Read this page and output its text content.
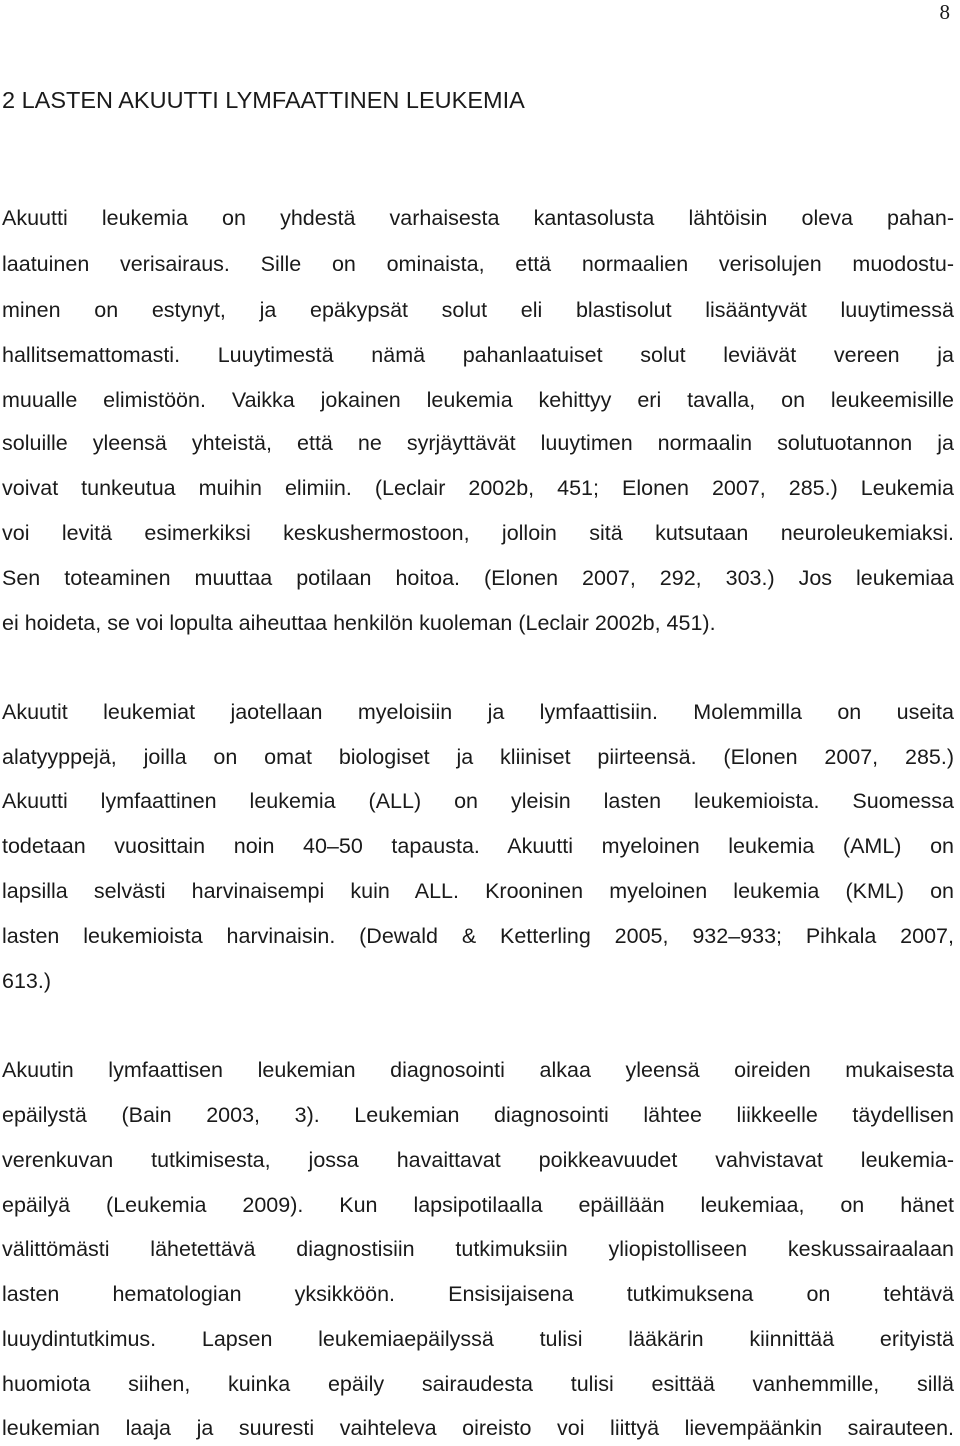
8
2 LASTEN AKUUTTI LYMFAATTINEN LEUKEMIA
Akuutti leukemia on yhdestä varhaisesta kantasolusta lähtöisin oleva pahan-
laatuinen verisairaus. Sille on ominaista, että normaalien verisolujen muodostu-
minen on estynyt, ja epäkypsät solut eli blastisolut lisääntyvät luuytimessä
hallitsemattomasti. Luuytimestä nämä pahanlaatuiset solut leviävät vereen ja
muualle elimistöön. Vaikka jokainen leukemia kehittyy eri tavalla, on leukeemisille
soluille yleensä yhteistä, että ne syrjäyttävät luuytimen normaalin solutuotannon ja
voivat tunkeutua muihin elimiin. (Leclair 2002b, 451; Elonen 2007, 285.) Leukemia
voi levitä esimerkiksi keskushermostoon, jolloin sitä kutsutaan neuroleukemiaksi.
Sen toteaminen muuttaa potilaan hoitoa. (Elonen 2007, 292, 303.) Jos leukemiaa
ei hoideta, se voi lopulta aiheuttaa henkilön kuoleman (Leclair 2002b, 451).
Akuutit leukemiat jaotellaan myeloisiin ja lymfaattisiin. Molemmilla on useita
alatyyppejä, joilla on omat biologiset ja kliiniset piirteensä. (Elonen 2007, 285.)
Akuutti lymfaattinen leukemia (ALL) on yleisin lasten leukemioista. Suomessa
todetaan vuosittain noin 40–50 tapausta. Akuutti myeloinen leukemia (AML) on
lapsilla selvästi harvinaisempi kuin ALL. Krooninen myeloinen leukemia (KML) on
lasten leukemioista harvinaisin. (Dewald & Ketterling 2005, 932–933; Pihkala 2007,
613.)
Akuutin lymfaattisen leukemian diagnosointi alkaa yleensä oireiden mukaisesta
epäilystä (Bain 2003, 3). Leukemian diagnosointi lähtee liikkeelle täydellisen
verenkuvan tutkimisesta, jossa havaittavat poikkeavuudet vahvistavat leukemia-
epäilyä (Leukemia 2009). Kun lapsipotilaalla epäillään leukemiaa, on hänet
välittömästi lähetettävä diagnostisiin tutkimuksiin yliopistolliseen keskussairaalaan
lasten hematologian yksikköön. Ensisijaisena tutkimuksena on tehtävä
luuydintutkimus. Lapsen leukemiaepäilyssä tulisi lääkärin kiinnittää erityistä
huomiota siihen, kuinka epäily sairaudesta tulisi esittää vanhemmille, sillä
leukemian laaja ja suuresti vaihteleva oireisto voi liittyä lievempäänkin sairauteen.
